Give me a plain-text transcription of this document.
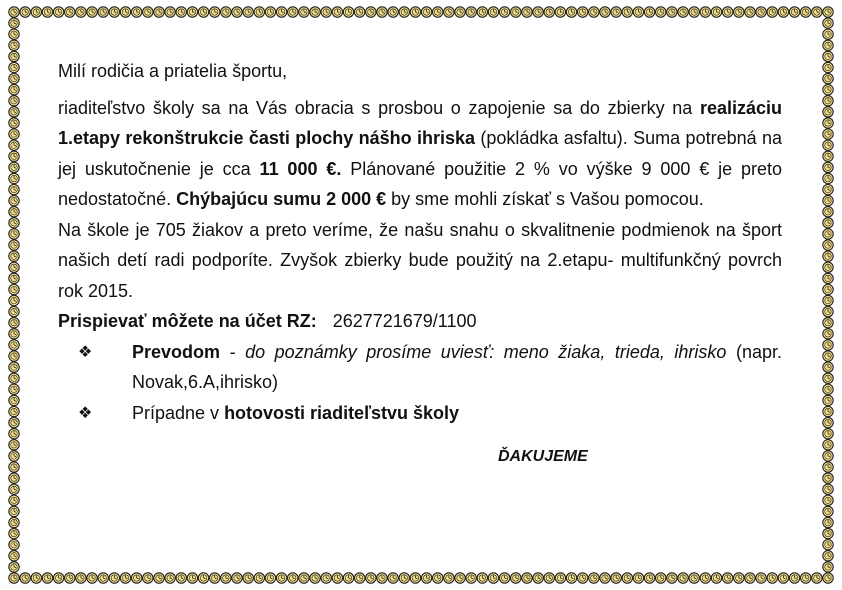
Milí rodičia a priatelia športu,

riaditeľstvo školy sa na Vás obracia s prosbou o zapojenie sa do zbierky na realizáciu 1.etapy rekonštrukcie časti plochy nášho ihriska (pokládka asfaltu). Suma potrebná na jej uskutočnenie je cca 11 000 €. Plánované použitie 2 % vo výške 9 000 € je preto nedostatočné. Chýbajúcu sumu 2 000 € by sme mohli získať s Vašou pomocou.

Na škole je 705 žiakov a preto veríme, že našu snahu o skvalitnenie podmienok na šport našich detí radi podporíte. Zvyšok zbierky bude použitý na 2.etapu- multifunkčný povrch rok 2015.

Prispievať môžete na účet RZ: 2627721679/1100

❖ Prevodom - do poznámky prosíme uviesť: meno žiaka, trieda, ihrisko (napr. Novak,6.A,ihrisko)
❖ Prípadne v hotovosti riaditeľstvu školy
ĎAKUJEME
